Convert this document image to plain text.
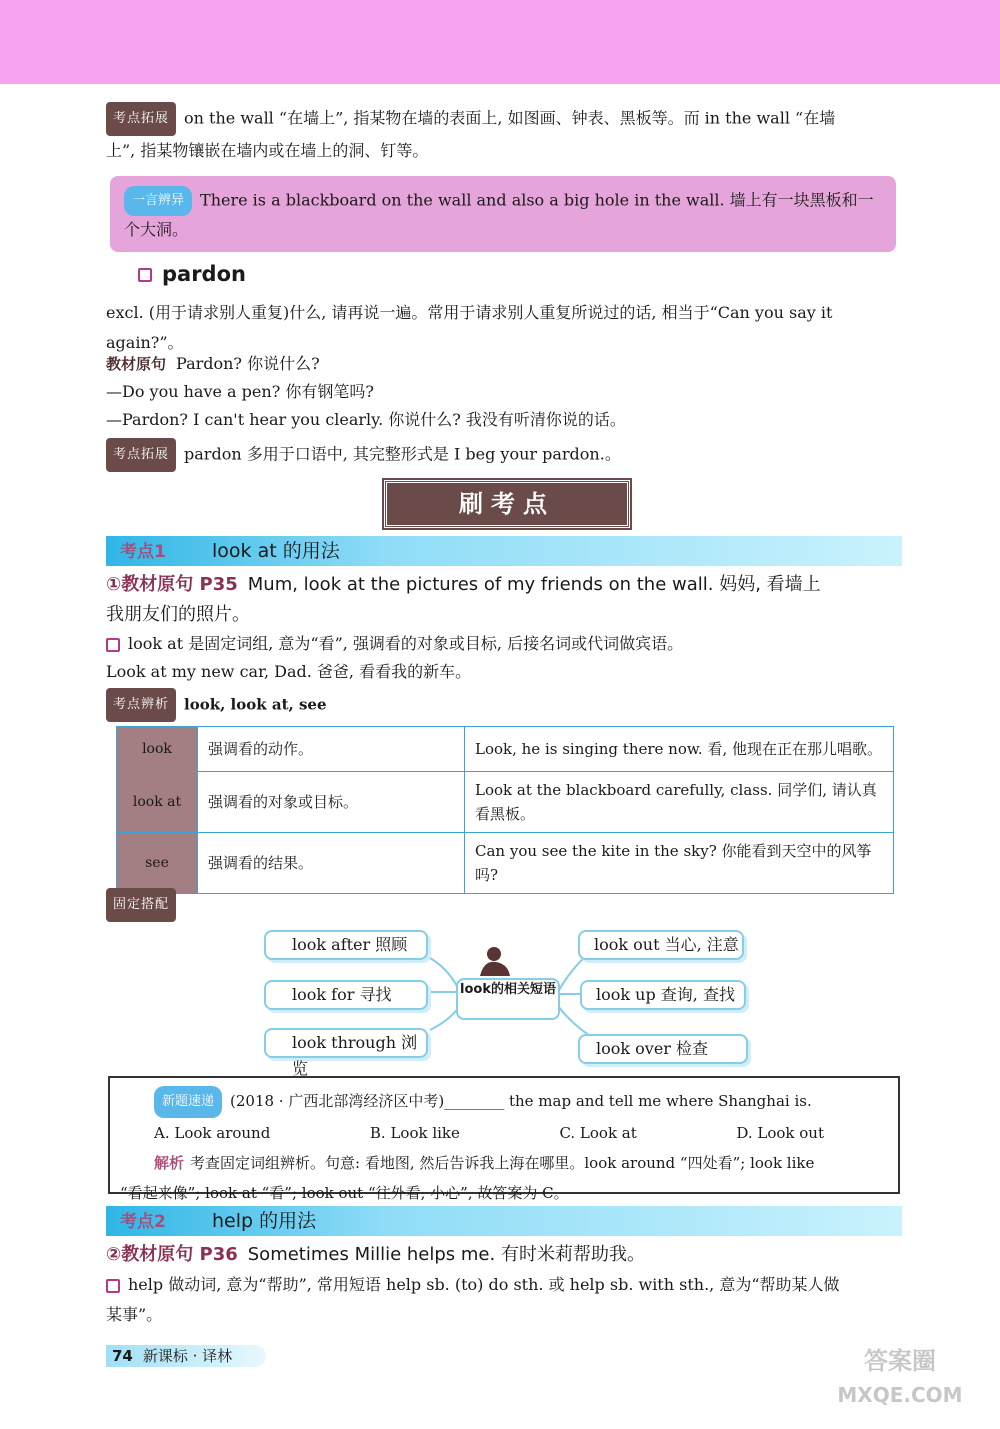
考点拓展 on the wall “在墙上”, 指某物在墙的表面上, 如图画、钟表、黑板等。而 in the wall “在墙
上”, 指某物镶嵌在墙内或在墙上的洞、钉等。
一言辨异 There is a blackboard on the wall and also a big hole in the wall. 墙上有一块黑板和一个大洞。
pardon
excl. (用于请求别人重复)什么, 请再说一遍。常用于请求别人重复所说过的话, 相当于“Can you say it
again?”。
教材原句 Pardon? 你说什么?
—Do you have a pen? 你有钢笔吗?
—Pardon? I can't hear you clearly. 你说什么? 我没有听清你说的话。
考点拓展 pardon 多用于口语中, 其完整形式是 I beg your pardon.。
刷考点
考点1 look at 的用法
①教材原句 P35 Mum, look at the pictures of my friends on the wall. 妈妈, 看墙上
我朋友们的照片。
look at 是固定词组, 意为“看”, 强调看的对象或目标, 后接名词或代词做宾语。
Look at my new car, Dad. 爸爸, 看看我的新车。
考点辨析 look, look at, see
look	强调看的动作。	Look, he is singing there now. 看, 他现在正在那儿唱歌。
look at	强调看的对象或目标。	Look at the blackboard carefully, class. 同学们, 请认真看黑板。
see	强调看的结果。	Can you see the kite in the sky? 你能看到天空中的风筝吗?
固定搭配
look after 照顾
look for 寻找
look through 浏览
look的相关短语
look out 当心, 注意
look up 查询, 查找
look over 检查
新题速递 (2018 · 广西北部湾经济区中考)________ the map and tell me where Shanghai is.
A. Look around	B. Look like	C. Look at	D. Look out
解析 考查固定词组辨析。句意: 看地图, 然后告诉我上海在哪里。look around “四处看”; look like
“看起来像”; look at “看”; look out “往外看, 小心”, 故答案为 C。
考点2 help 的用法
②教材原句 P36 Sometimes Millie helps me. 有时米莉帮助我。
help 做动词, 意为“帮助”, 常用短语 help sb. (to) do sth. 或 help sb. with sth., 意为“帮助某人做
某事”。
74 新课标 · 译林	答案圈
MXQE.COM
